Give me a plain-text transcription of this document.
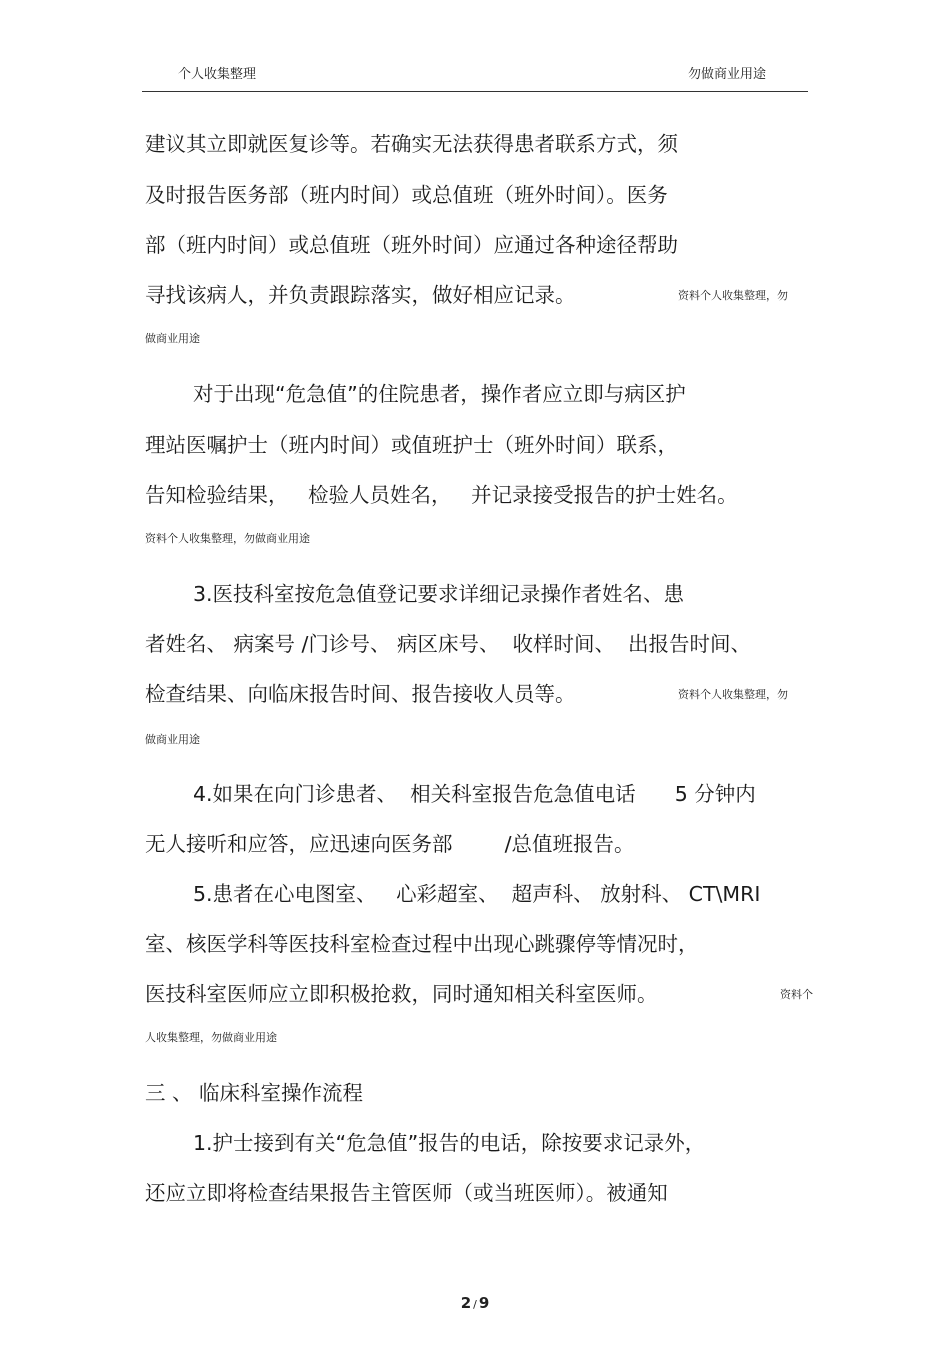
个人收集整理	勿做商业用途
建议其立即就医复诊等。若确实无法获得患者联系方式，须
及时报告医务部（班内时间）或总值班（班外时间）。医务
部（班内时间）或总值班（班外时间）应通过各种途径帮助
寻找该病人，并负责跟踪落实，做好相应记录。	资料个人收集整理，勿
做商业用途
对于出现“危急值”的住院患者，操作者应立即与病区护
理站医嘱护士（班内时间）或值班护士（班外时间）联系，
告知检验结果，   检验人员姓名，   并记录接受报告的护士姓名。
资料个人收集整理，勿做商业用途
3.医技科室按危急值登记要求详细记录操作者姓名、患
者姓名、 病案号 /门诊号、 病区床号、  收样时间、  出报告时间、
检查结果、向临床报告时间、报告接收人员等。	资料个人收集整理，勿
做商业用途
4.如果在向门诊患者、  相关科室报告危急值电话      5 分钟内
无人接听和应答，应迅速向医务部        /总值班报告。
5.患者在心电图室、   心彩超室、  超声科、 放射科、 CT\MRI
室、核医学科等医技科室检查过程中出现心跳骤停等情况时，
医技科室医师应立即积极抢救，同时通知相关科室医师。	资料个
人收集整理，勿做商业用途
三 、 临床科室操作流程
1.护士接到有关“危急值”报告的电话，除按要求记录外，
还应立即将检查结果报告主管医师（或当班医师）。被通知
2 / 9
